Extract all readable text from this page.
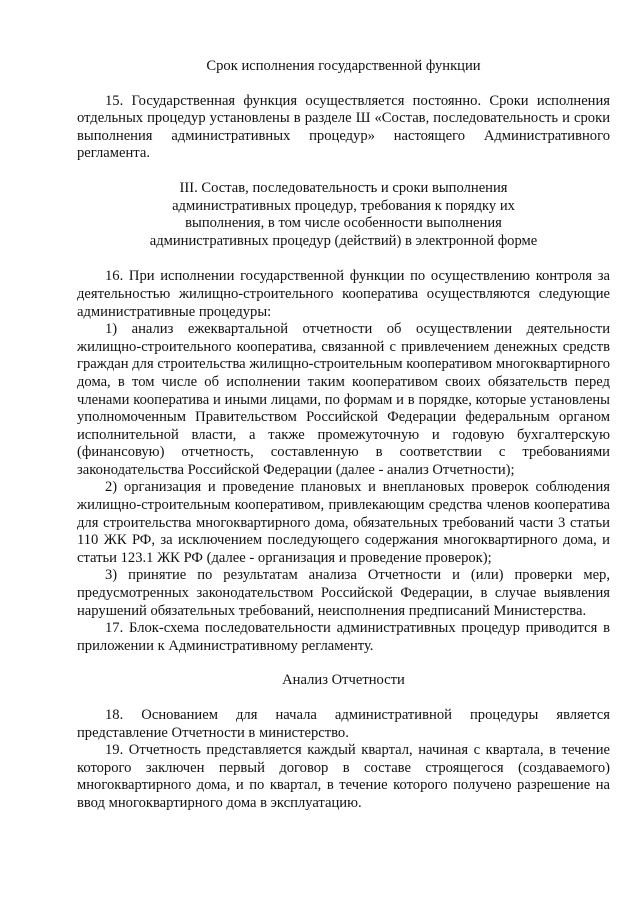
Срок исполнения государственной функции

15. Государственная функция осуществляется постоянно. Сроки исполнения отдельных процедур установлены в разделе Ш «Состав, последовательность и сроки выполнения административных процедур» настоящего Административного регламента.

III. Состав, последовательность и сроки выполнения
административных процедур, требования к порядку их
выполнения, в том числе особенности выполнения
административных процедур (действий) в электронной форме

16. При исполнении государственной функции по осуществлению контроля за деятельностью жилищно-строительного кооператива осуществляются следующие административные процедуры:

1) анализ ежеквартальной отчетности об осуществлении деятельности жилищно-строительного кооператива, связанной с привлечением денежных средств граждан для строительства жилищно-строительным кооперативом многоквартирного дома, в том числе об исполнении таким кооперативом своих обязательств перед членами кооператива и иными лицами, по формам и в порядке, которые установлены уполномоченным Правительством Российской Федерации федеральным органом исполнительной власти, а также промежуточную и годовую бухгалтерскую (финансовую) отчетность, составленную в соответствии с требованиями законодательства Российской Федерации (далее - анализ Отчетности);

2) организация и проведение плановых и внеплановых проверок соблюдения жилищно-строительным кооперативом, привлекающим средства членов кооператива для строительства многоквартирного дома, обязательных требований части 3 статьи 110 ЖК РФ, за исключением последующего содержания многоквартирного дома, и статьи 123.1 ЖК РФ (далее - организация и проведение проверок);

3) принятие по результатам анализа Отчетности и (или) проверки мер, предусмотренных законодательством Российской Федерации, в случае выявления нарушений обязательных требований, неисполнения предписаний Министерства.

17. Блок-схема последовательности административных процедур приводится в приложении к Административному регламенту.

Анализ Отчетности

18. Основанием для начала административной процедуры является представление Отчетности в министерство.

19. Отчетность представляется каждый квартал, начиная с квартала, в течение которого заключен первый договор в составе строящегося (создаваемого) многоквартирного дома, и по квартал, в течение которого получено разрешение на ввод многоквартирного дома в эксплуатацию.
